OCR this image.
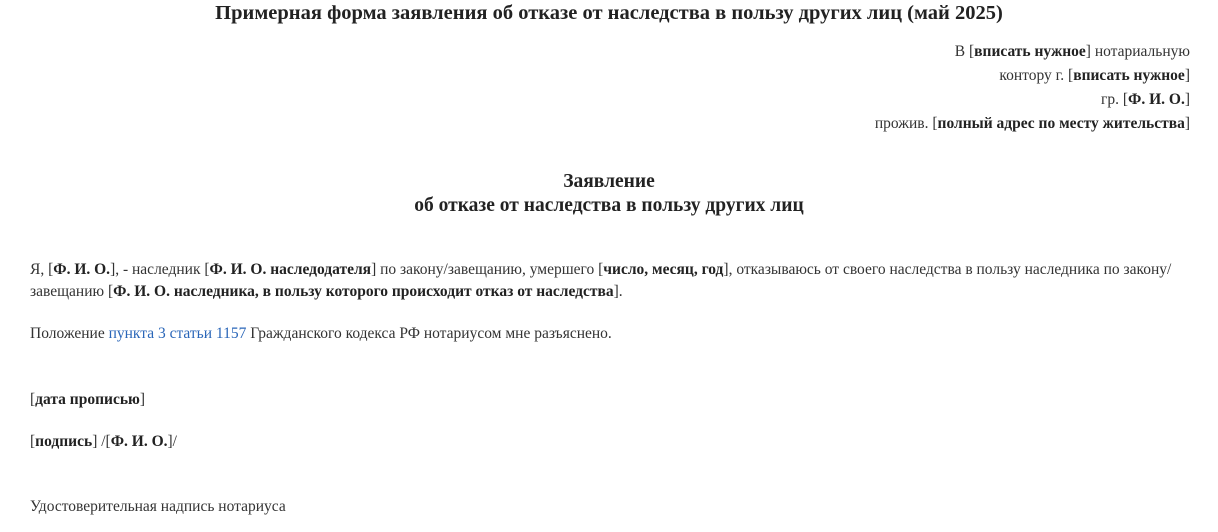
Примерная форма заявления об отказе от наследства в пользу других лиц (май 2025)
В [вписать нужное] нотариальную
контору г. [вписать нужное]
гр. [Ф. И. О.]
прожив. [полный адрес по месту жительства]
Заявление
об отказе от наследства в пользу других лиц

Я, [Ф. И. О.], - наследник [Ф. И. О. наследодателя] по закону/завещанию, умершего [число, месяц, год], отказываюсь от своего наследства в пользу наследника по закону/завещанию [Ф. И. О. наследника, в пользу которого происходит отказ от наследства].

Положение пункта 3 статьи 1157 Гражданского кодекса РФ нотариусом мне разъяснено.

[дата прописью]

[подпись] /[Ф. И. О.]/

Удостоверительная надпись нотариуса
